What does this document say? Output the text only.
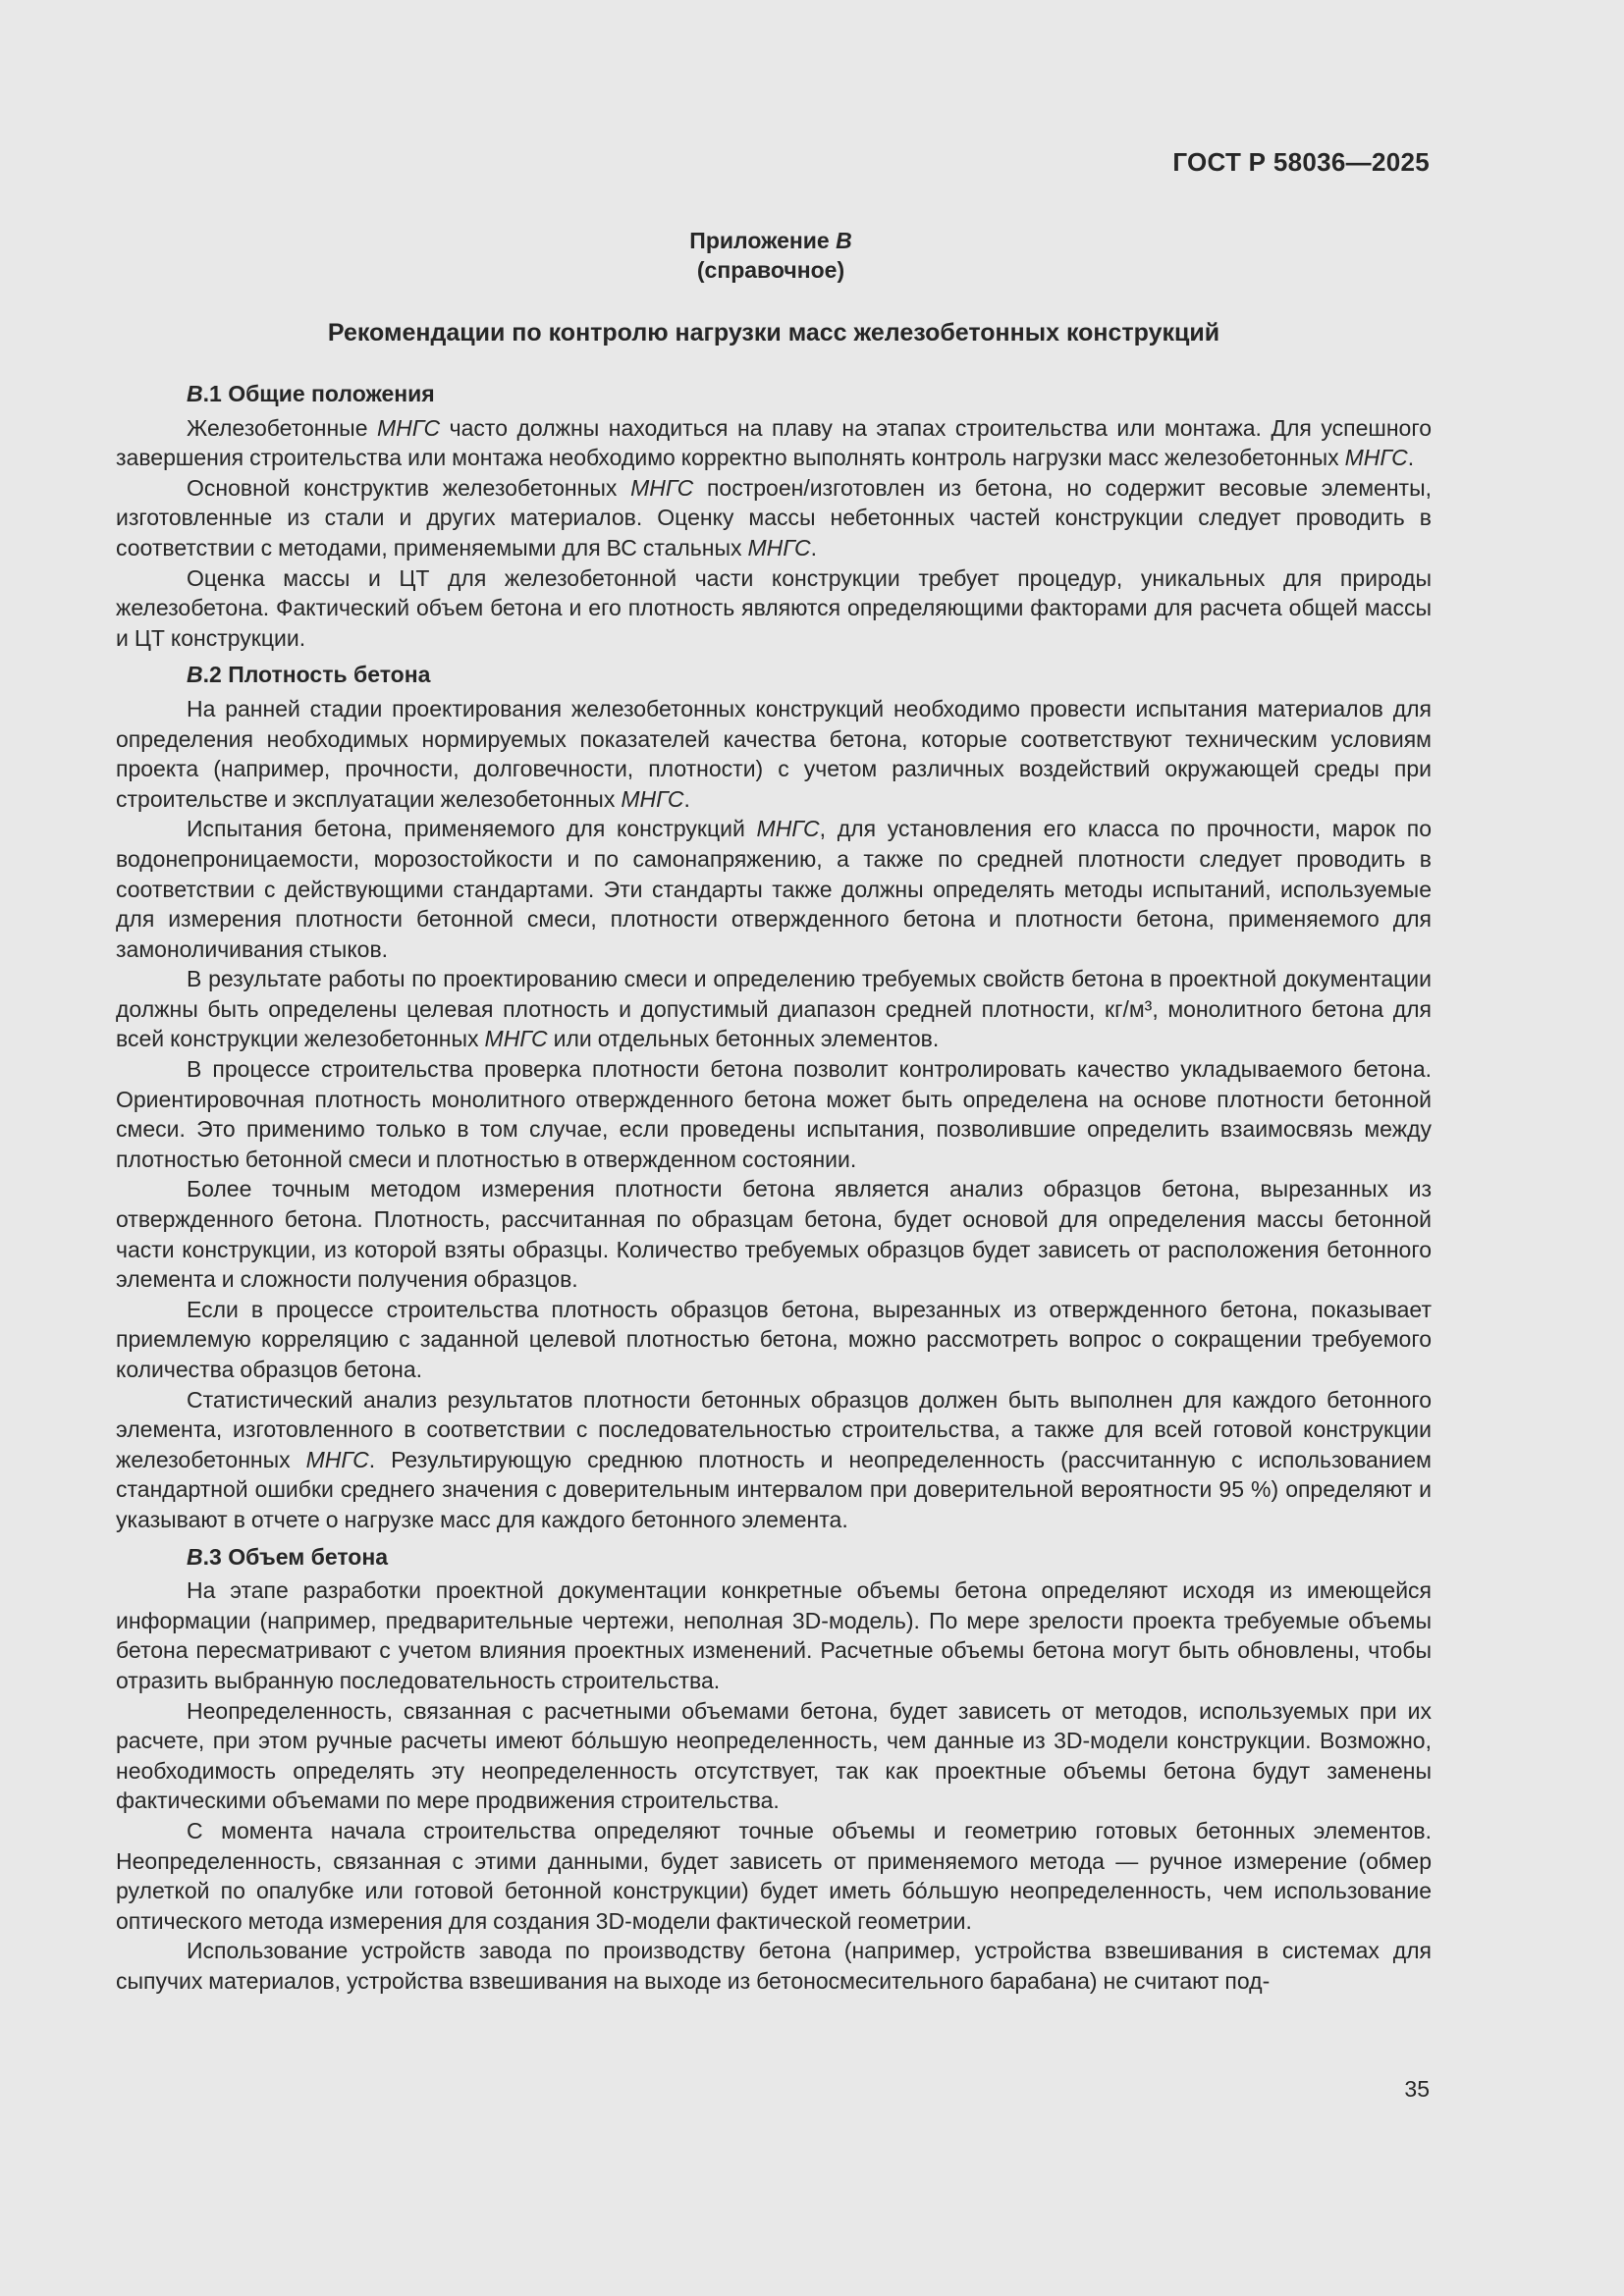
ГОСТ Р 58036—2025
Приложение В
(справочное)
Рекомендации по контролю нагрузки масс железобетонных конструкций
В.1 Общие положения

Железобетонные МНГС часто должны находиться на плаву на этапах строительства или монтажа. Для успешного завершения строительства или монтажа необходимо корректно выполнять контроль нагрузки масс железобетонных МНГС.

Основной конструктив железобетонных МНГС построен/изготовлен из бетона, но содержит весовые элементы, изготовленные из стали и других материалов. Оценку массы небетонных частей конструкции следует проводить в соответствии с методами, применяемыми для ВС стальных МНГС.

Оценка массы и ЦТ для железобетонной части конструкции требует процедур, уникальных для природы железобетона. Фактический объем бетона и его плотность являются определяющими факторами для расчета общей массы и ЦТ конструкции.

В.2 Плотность бетона

На ранней стадии проектирования железобетонных конструкций необходимо провести испытания материалов для определения необходимых нормируемых показателей качества бетона, которые соответствуют техническим условиям проекта (например, прочности, долговечности, плотности) с учетом различных воздействий окружающей среды при строительстве и эксплуатации железобетонных МНГС.

Испытания бетона, применяемого для конструкций МНГС, для установления его класса по прочности, марок по водонепроницаемости, морозостойкости и по самонапряжению, а также по средней плотности следует проводить в соответствии с действующими стандартами. Эти стандарты также должны определять методы испытаний, используемые для измерения плотности бетонной смеси, плотности отвержденного бетона и плотности бетона, применяемого для замоноличивания стыков.

В результате работы по проектированию смеси и определению требуемых свойств бетона в проектной документации должны быть определены целевая плотность и допустимый диапазон средней плотности, кг/м³, монолитного бетона для всей конструкции железобетонных МНГС или отдельных бетонных элементов.

В процессе строительства проверка плотности бетона позволит контролировать качество укладываемого бетона. Ориентировочная плотность монолитного отвержденного бетона может быть определена на основе плотности бетонной смеси. Это применимо только в том случае, если проведены испытания, позволившие определить взаимосвязь между плотностью бетонной смеси и плотностью в отвержденном состоянии.

Более точным методом измерения плотности бетона является анализ образцов бетона, вырезанных из отвержденного бетона. Плотность, рассчитанная по образцам бетона, будет основой для определения массы бетонной части конструкции, из которой взяты образцы. Количество требуемых образцов будет зависеть от расположения бетонного элемента и сложности получения образцов.

Если в процессе строительства плотность образцов бетона, вырезанных из отвержденного бетона, показывает приемлемую корреляцию с заданной целевой плотностью бетона, можно рассмотреть вопрос о сокращении требуемого количества образцов бетона.

Статистический анализ результатов плотности бетонных образцов должен быть выполнен для каждого бетонного элемента, изготовленного в соответствии с последовательностью строительства, а также для всей готовой конструкции железобетонных МНГС. Результирующую среднюю плотность и неопределенность (рассчитанную с использованием стандартной ошибки среднего значения с доверительным интервалом при доверительной вероятности 95 %) определяют и указывают в отчете о нагрузке масс для каждого бетонного элемента.

В.3 Объем бетона

На этапе разработки проектной документации конкретные объемы бетона определяют исходя из имеющейся информации (например, предварительные чертежи, неполная 3D-модель). По мере зрелости проекта требуемые объемы бетона пересматривают с учетом влияния проектных изменений. Расчетные объемы бетона могут быть обновлены, чтобы отразить выбранную последовательность строительства.

Неопределенность, связанная с расчетными объемами бетона, будет зависеть от методов, используемых при их расчете, при этом ручные расчеты имеют бо́льшую неопределенность, чем данные из 3D-модели конструкции. Возможно, необходимость определять эту неопределенность отсутствует, так как проектные объемы бетона будут заменены фактическими объемами по мере продвижения строительства.

С момента начала строительства определяют точные объемы и геометрию готовых бетонных элементов. Неопределенность, связанная с этими данными, будет зависеть от применяемого метода — ручное измерение (обмер рулеткой по опалубке или готовой бетонной конструкции) будет иметь бо́льшую неопределенность, чем использование оптического метода измерения для создания 3D-модели фактической геометрии.

Использование устройств завода по производству бетона (например, устройства взвешивания в системах для сыпучих материалов, устройства взвешивания на выходе из бетоносмесительного барабана) не считают под-

35
